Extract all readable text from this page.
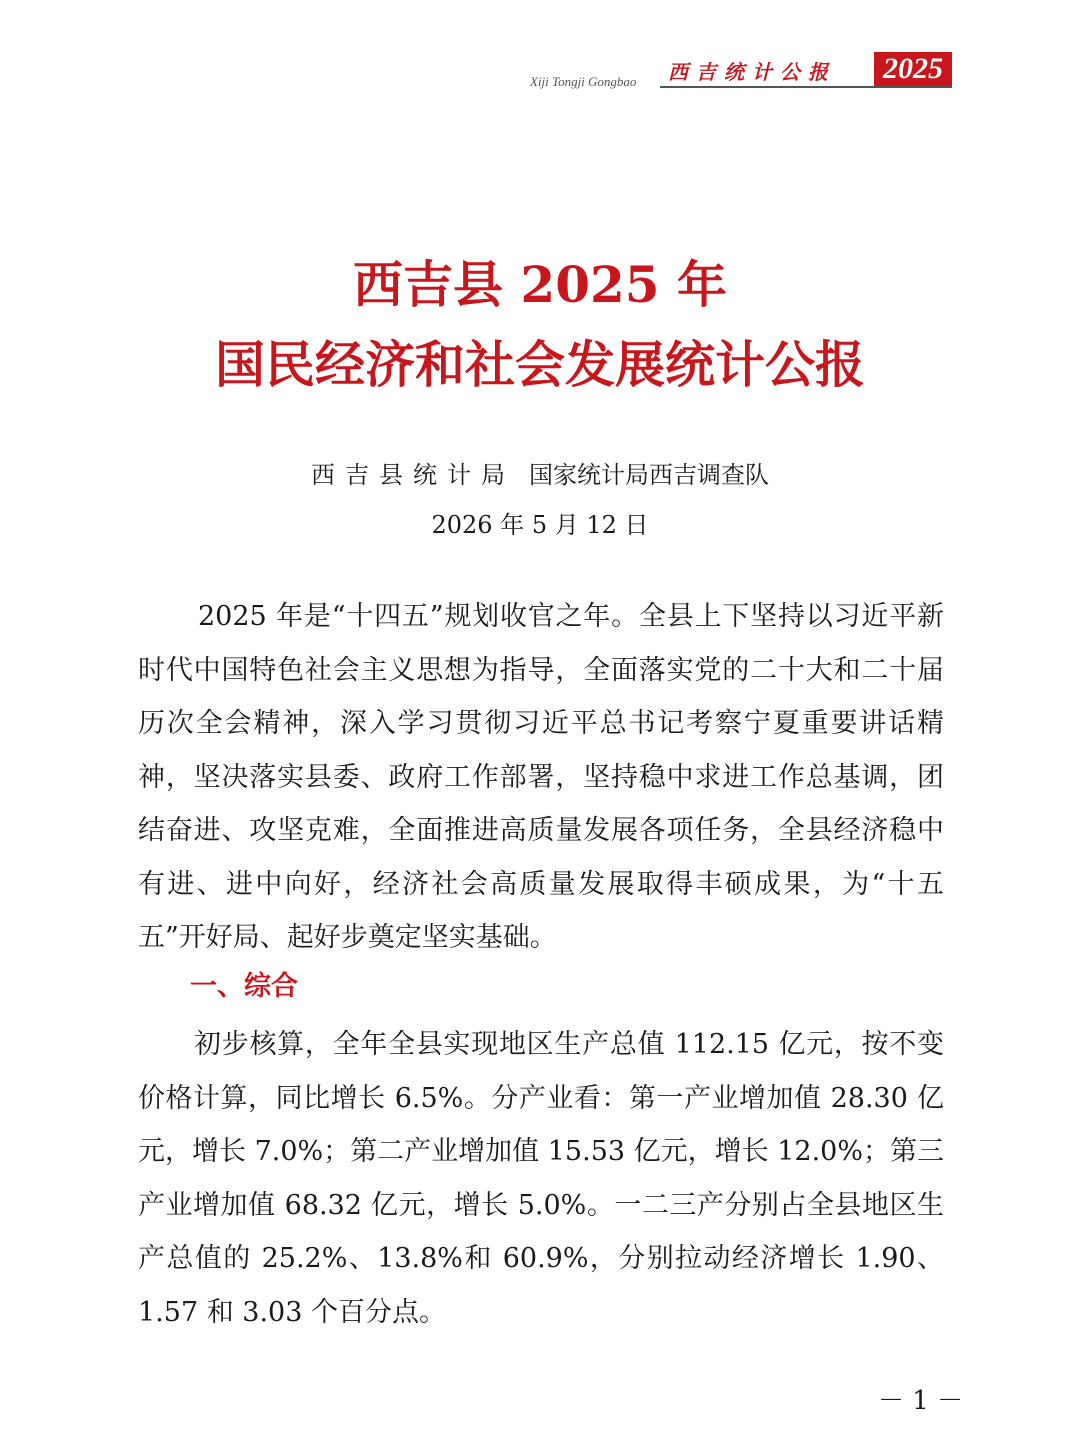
Xiji Tongji Gongbao 西吉统计公报	2025
西吉县 2025 年
国民经济和社会发展统计公报
西吉县统计局 国家统计局西吉调查队
2026 年 5 月 12 日
2025 年是“十四五”规划收官之年。全县上下坚持以习近平新时代中国特色社会主义思想为指导，全面落实党的二十大和二十届历次全会精神，深入学习贯彻习近平总书记考察宁夏重要讲话精神，坚决落实县委、政府工作部署，坚持稳中求进工作总基调，团结奋进、攻坚克难，全面推进高质量发展各项任务，全县经济稳中有进、进中向好，经济社会高质量发展取得丰硕成果，为“十五五”开好局、起好步奠定坚实基础。
一、综合
初步核算，全年全县实现地区生产总值 112.15 亿元，按不变价格计算，同比增长 6.5%。分产业看：第一产业增加值 28.30 亿元，增长 7.0%；第二产业增加值 15.53 亿元，增长 12.0%；第三产业增加值 68.32 亿元，增长 5.0%。一二三产分别占全县地区生产总值的 25.2%、13.8%和 60.9%，分别拉动经济增长 1.90、1.57 和 3.03 个百分点。
－ 1 －
